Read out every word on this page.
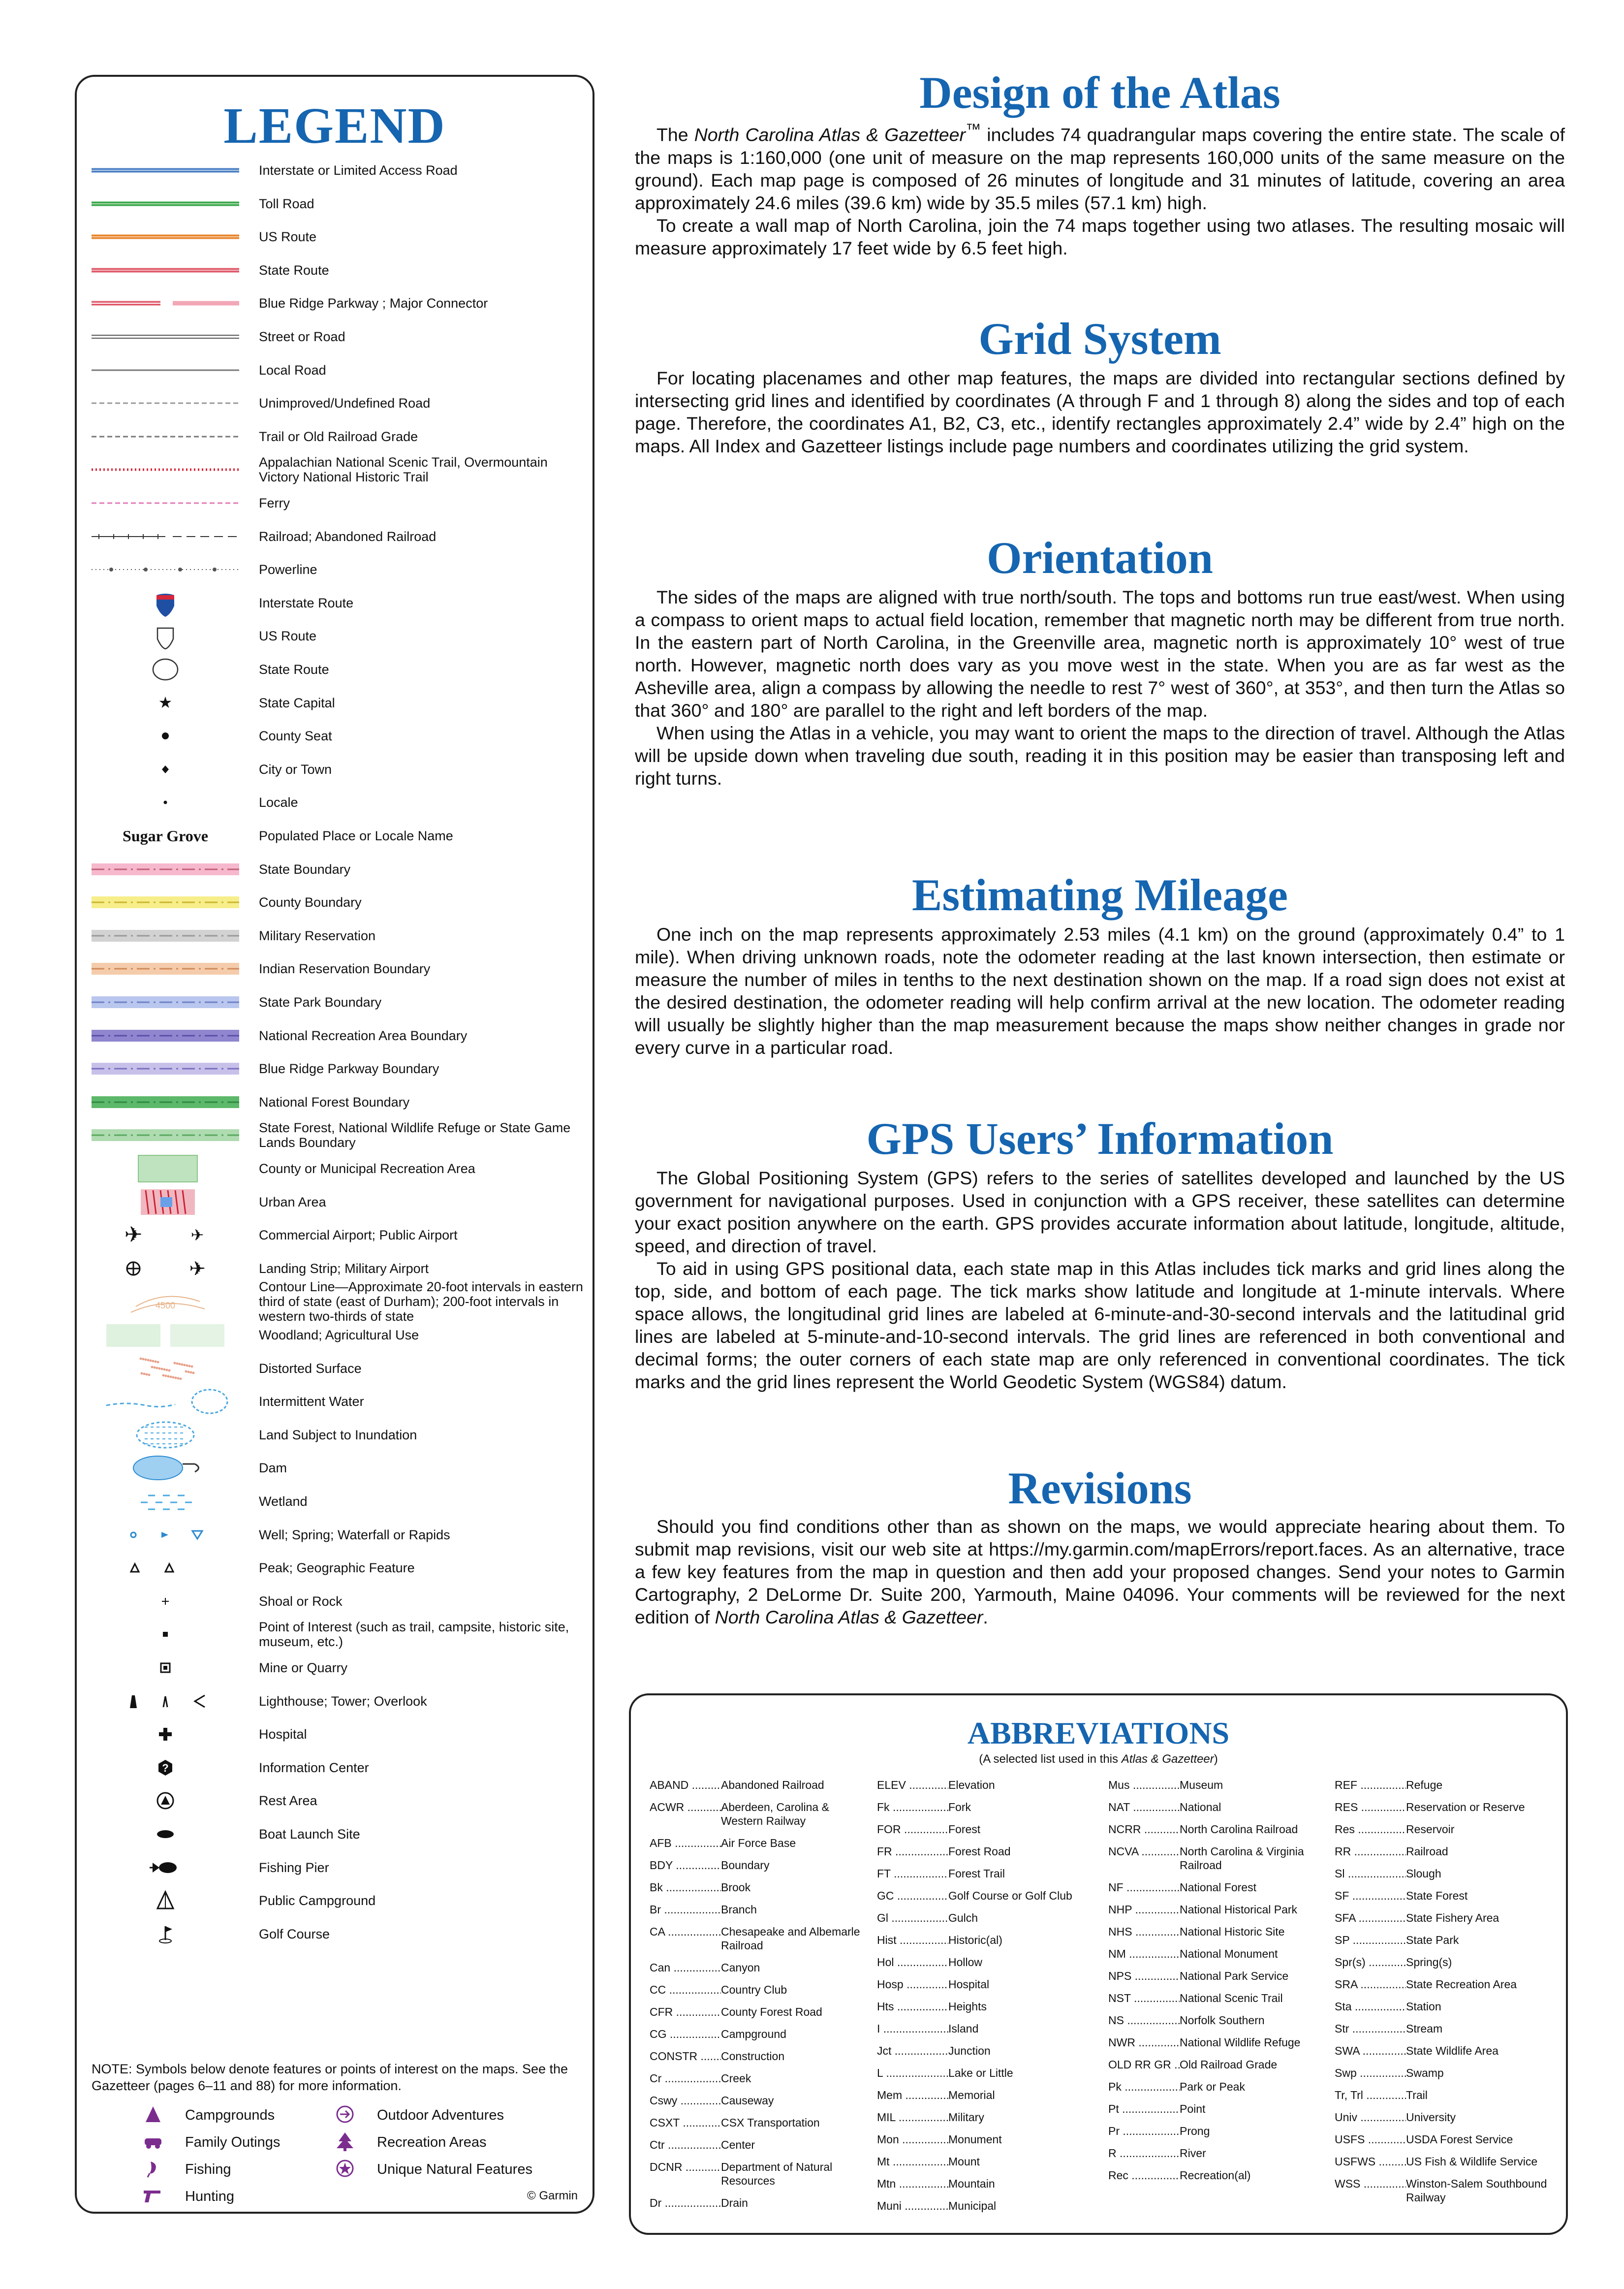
LEGEND
Interstate or Limited Access Road
Toll Road
US Route
State Route
Blue Ridge Parkway ; Major Connector
Street or Road
Local Road
Unimproved/Undefined Road
Trail or Old Railroad Grade
Appalachian National Scenic Trail, Overmountain Victory National Historic Trail
Ferry
Railroad; Abandoned Railroad
Powerline
Interstate Route
US Route
State Route
★	State Capital
County Seat
City or Town
Locale
Sugar Grove	Populated Place or Locale Name
State Boundary
County Boundary
Military Reservation
Indian Reservation Boundary
State Park Boundary
National Recreation Area Boundary
Blue Ridge Parkway Boundary
National Forest Boundary
State Forest, National Wildlife Refuge or State Game Lands Boundary
County or Municipal Recreation Area
Urban Area
✈	✈	Commercial Airport; Public Airport
✈	Landing Strip; Military Airport
4500
Contour Line—Approximate 20-foot intervals in eastern third of state (east of Durham); 200-foot intervals in western two-thirds of state
Woodland; Agricultural Use
Distorted Surface
Intermittent Water
Land Subject to Inundation
Dam
Wetland
Well; Spring; Waterfall or Rapids
Peak; Geographic Feature
Shoal or Rock
Point of Interest (such as trail, campsite, historic site, museum, etc.)
Mine or Quarry
Lighthouse; Tower; Overlook
Hospital
?	Information Center
Rest Area
Boat Launch Site
Fishing Pier
Public Campground
Golf Course
NOTE: Symbols below denote features or points of interest on the maps. See the Gazetteer (pages 6–11 and 88) for more information.
Campgrounds	Outdoor Adventures
Family Outings	Recreation Areas
Fishing	Unique Natural Features
Hunting	© Garmin
Design of the Atlas

The North Carolina Atlas & Gazetteer™ includes 74 quadrangular maps covering the entire state. The scale of the maps is 1:160,000 (one unit of measure on the map represents 160,000 units of the same measure on the ground). Each map page is composed of 26 minutes of longitude and 31 minutes of latitude, covering an area approximately 24.6 miles (39.6 km) wide by 35.5 miles (57.1 km) high.

To create a wall map of North Carolina, join the 74 maps together using two atlases. The resulting mosaic will measure approximately 17 feet wide by 6.5 feet high.

Grid System

For locating placenames and other map features, the maps are divided into rectangular sections defined by intersecting grid lines and identified by coordinates (A through F and 1 through 8) along the sides and top of each page. Therefore, the coordinates A1, B2, C3, etc., identify rectangles approximately 2.4” wide by 2.4” high on the maps. All Index and Gazetteer listings include page numbers and coordinates utilizing the grid system.

Orientation

The sides of the maps are aligned with true north/south. The tops and bottoms run true east/west. When using a compass to orient maps to actual field location, remember that magnetic north may be different from true north. In the eastern part of North Carolina, in the Greenville area, magnetic north is approximately 10° west of true north. However, magnetic north does vary as you move west in the state. When you are as far west as the Asheville area, align a compass by allowing the needle to rest 7° west of 360°, at 353°, and then turn the Atlas so that 360° and 180° are parallel to the right and left borders of the map.

When using the Atlas in a vehicle, you may want to orient the maps to the direction of travel. Although the Atlas will be upside down when traveling due south, reading it in this position may be easier than transposing left and right turns.

Estimating Mileage

One inch on the map represents approximately 2.53 miles (4.1 km) on the ground (approximately 0.4” to 1 mile). When driving unknown roads, note the odometer reading at the last known intersection, then estimate or measure the number of miles in tenths to the next destination shown on the map. If a road sign does not exist at the desired destination, the odometer reading will help confirm arrival at the new location. The odometer reading will usually be slightly higher than the map measurement because the maps show neither changes in grade nor every curve in a particular road.

GPS Users’ Information

The Global Positioning System (GPS) refers to the series of satellites developed and launched by the US government for navigational purposes. Used in conjunction with a GPS receiver, these satellites can determine your exact position anywhere on the earth. GPS provides accurate information about latitude, longitude, altitude, speed, and direction of travel.

To aid in using GPS positional data, each state map in this Atlas includes tick marks and grid lines along the top, side, and bottom of each page. The tick marks show latitude and longitude at 1-minute intervals. Where space allows, the longitudinal grid lines are labeled at 6-minute-and-30-second intervals and the latitudinal grid lines are labeled at 5-minute-and-10-second intervals. The grid lines are referenced in both conventional and decimal forms; the outer corners of each state map are only referenced in conventional coordinates. The tick marks and the grid lines represent the World Geodetic System (WGS84) datum.

Revisions

Should you find conditions other than as shown on the maps, we would appreciate hearing about them. To submit map revisions, visit our web site at https://my.garmin.com/mapErrors/report.faces. As an alternative, trace a few key features from the map in question and then add your proposed changes. Send your notes to Garmin Cartography, 2 DeLorme Dr. Suite 200, Yarmouth, Maine 04096. Your comments will be reviewed for the next edition of North Carolina Atlas & Gazetteer.

ABBREVIATIONS
(A selected list used in this Atlas & Gazetteer)
ABAND .....	Abandoned Railroad
ACWR .....	Aberdeen, Carolina & Western Railway
AFB .....	Air Force Base
BDY .....	Boundary
Bk .....	Brook
Br .....	Branch
CA .....	Chesapeake and Albemarle Railroad
Can .....	Canyon
CC .....	Country Club
CFR .....	County Forest Road
CG .....	Campground
CONSTR .....	Construction
Cr .....	Creek
Cswy .....	Causeway
CSXT .....	CSX Transportation
Ctr .....	Center
DCNR .....	Department of Natural Resources
Dr .....	Drain
ELEV .....	Elevation
Fk .....	Fork
FOR .....	Forest
FR .....	Forest Road
FT .....	Forest Trail
GC .....	Golf Course or Golf Club
Gl .....	Gulch
Hist .....	Historic(al)
Hol .....	Hollow
Hosp .....	Hospital
Hts .....	Heights
I .....	Island
Jct .....	Junction
L .....	Lake or Little
Mem .....	Memorial
MIL .....	Military
Mon .....	Monument
Mt .....	Mount
Mtn .....	Mountain
Muni .....	Municipal
Mus .....	Museum
NAT .....	National
NCRR .....	North Carolina Railroad
NCVA .....	North Carolina & Virginia Railroad
NF .....	National Forest
NHP .....	National Historical Park
NHS .....	National Historic Site
NM .....	National Monument
NPS .....	National Park Service
NST .....	National Scenic Trail
NS .....	Norfolk Southern
NWR .....	National Wildlife Refuge
OLD RR GR ..... Old Railroad Grade
Pk .....	Park or Peak
Pt .....	Point
Pr .....	Prong
R .....	River
Rec .....	Recreation(al)
REF .....	Refuge
RES .....	Reservation or Reserve
Res .....	Reservoir
RR .....	Railroad
Sl .....	Slough
SF .....	State Forest
SFA .....	State Fishery Area
SP .....	State Park
Spr(s) .....	Spring(s)
SRA .....	State Recreation Area
Sta .....	Station
Str .....	Stream
SWA .....	State Wildlife Area
Swp .....	Swamp
Tr, Trl .....	Trail
Univ .....	University
USFS .....	USDA Forest Service
USFWS .....	US Fish & Wildlife Service
WSS .....	Winston-Salem Southbound Railway
